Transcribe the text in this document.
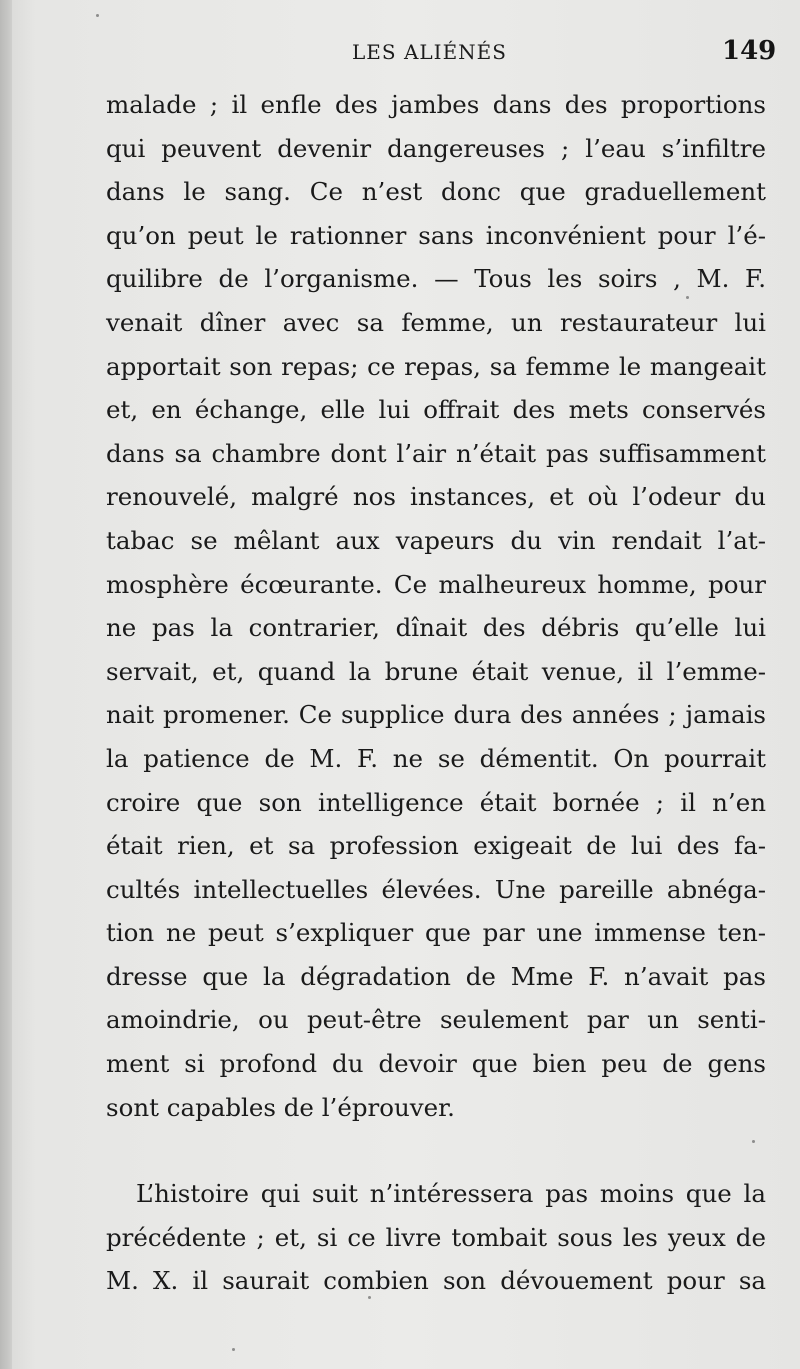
LES ALIÉNÉS	149
malade ; il enfle des jambes dans des proportions
qui peuvent devenir dangereuses ; l’eau s’infiltre
dans le sang. Ce n’est donc que graduellement
qu’on peut le rationner sans inconvénient pour l’é-
quilibre de l’organisme. — Tous les soirs , M. F.
venait dîner avec sa femme, un restaurateur lui
apportait son repas; ce repas, sa femme le mangeait
et, en échange, elle lui offrait des mets conservés
dans sa chambre dont l’air n’était pas suffisamment
renouvelé, malgré nos instances, et où l’odeur du
tabac se mêlant aux vapeurs du vin rendait l’at-
mosphère écœurante. Ce malheureux homme, pour
ne pas la contrarier, dînait des débris qu’elle lui
servait, et, quand la brune était venue, il l’emme-
nait promener. Ce supplice dura des années ; jamais
la patience de M. F. ne se démentit. On pourrait
croire que son intelligence était bornée ; il n’en
était rien, et sa profession exigeait de lui des fa-
cultés intellectuelles élevées. Une pareille abnéga-
tion ne peut s’expliquer que par une immense ten-
dresse que la dégradation de Mme F. n’avait pas
amoindrie, ou peut-être seulement par un senti-
ment si profond du devoir que bien peu de gens
sont capables de l’éprouver.
L’histoire qui suit n’intéressera pas moins que la
précédente ; et, si ce livre tombait sous les yeux de
M. X. il saurait combien son dévouement pour sa
